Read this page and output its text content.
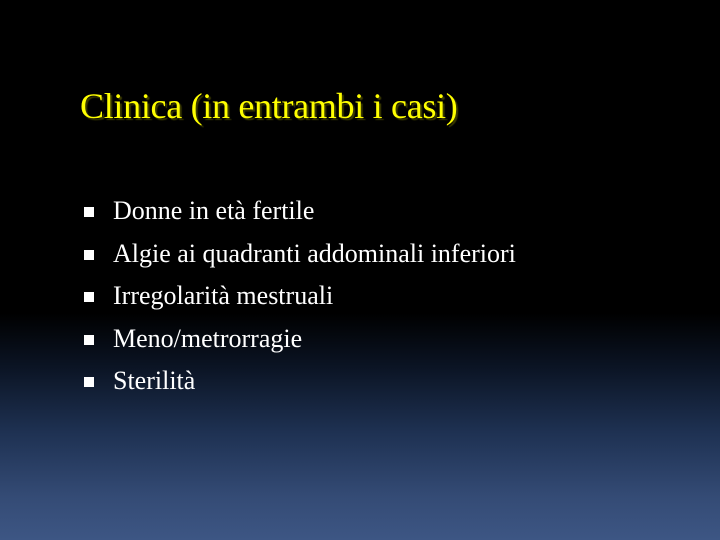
Clinica (in entrambi i casi)
Donne in età fertile
Algie ai quadranti addominali inferiori
Irregolarità mestruali
Meno/metrorragie
Sterilità
